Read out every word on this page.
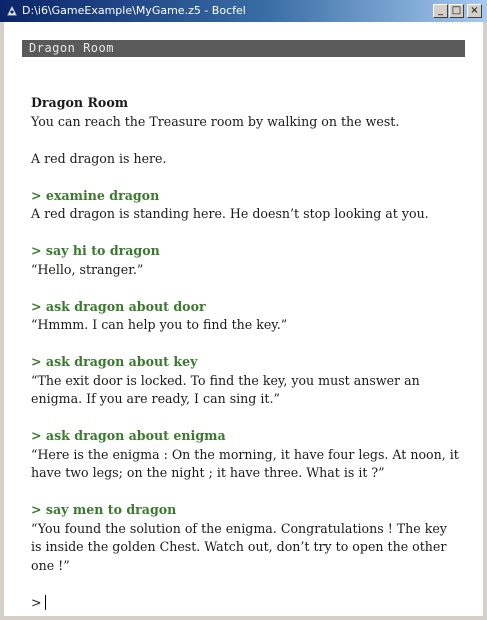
D:\i6\GameExample\MyGame.z5 - Bocfel	_ □ ×
Dragon Room

Dragon Room
You can reach the Treasure room by walking on the west.

A red dragon is here.

> examine dragon
A red dragon is standing here. He doesn’t stop looking at you.

> say hi to dragon
“Hello, stranger.”

> ask dragon about door
“Hmmm. I can help you to find the key.”

> ask dragon about key
“The exit door is locked. To find the key, you must answer an enigma. If you are ready, I can sing it.”

> ask dragon about enigma
“Here is the enigma : On the morning, it have four legs. At noon, it have two legs; on the night ; it have three. What is it ?”

> say men to dragon
“You found the solution of the enigma. Congratulations ! The key is inside the golden Chest. Watch out, don’t try to open the other one !”

>
